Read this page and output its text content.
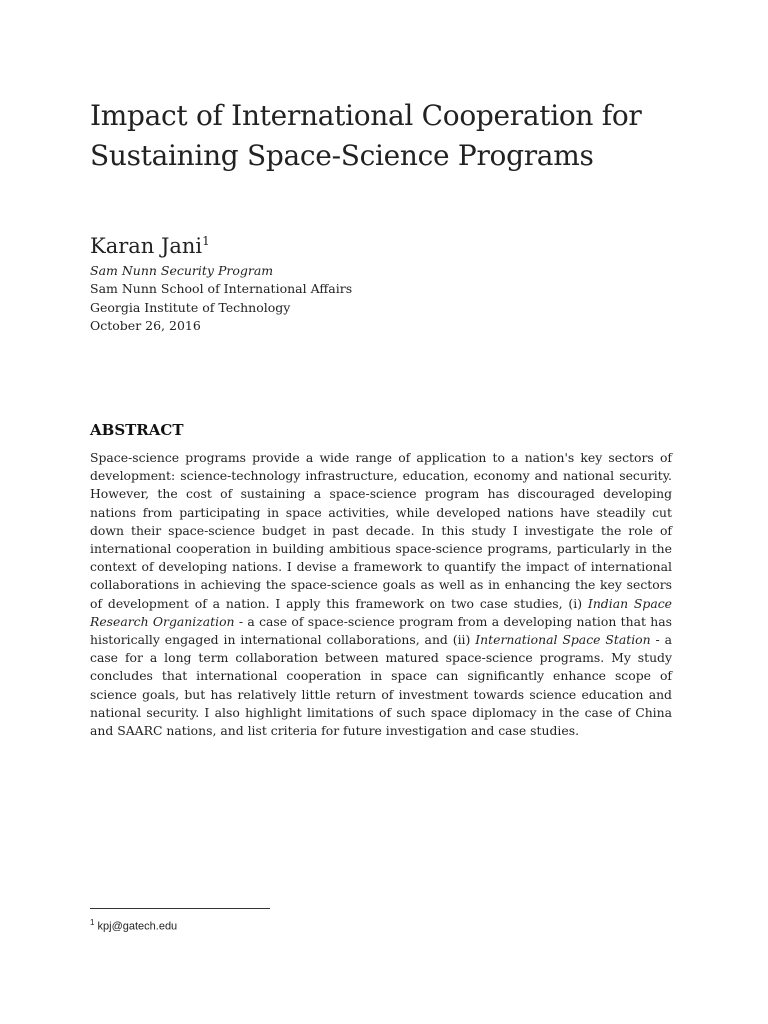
Impact of International Cooperation for
Sustaining Space-Science Programs
Karan Jani$^1$
Sam Nunn Security Program
Sam Nunn School of International Affairs
Georgia Institute of Technology
October 26, 2016
ABSTRACT

Space-science programs provide a wide range of application to a nation's key sectors of development: science-technology infrastructure, education, economy and national security. However, the cost of sustaining a space-science program has discouraged developing nations from participating in space activities, while developed nations have steadily cut down their space-science budget in past decade. In this study I investigate the role of international cooperation in building ambitious space-science programs, particularly in the context of developing nations. I devise a framework to quantify the impact of international collaborations in achieving the space-science goals as well as in enhancing the key sectors of development of a nation. I apply this framework on two case studies, (i) Indian Space Research Organization - a case of space-science program from a developing nation that has historically engaged in international collaborations, and (ii) International Space Station - a case for a long term collaboration between matured space-science programs. My study concludes that international cooperation in space can significantly enhance scope of science goals, but has relatively little return of investment towards science education and national security. I also highlight limitations of such space diplomacy in the case of China and SAARC nations, and list criteria for future investigation and case studies.

$^1$ kpj@gatech.edu
